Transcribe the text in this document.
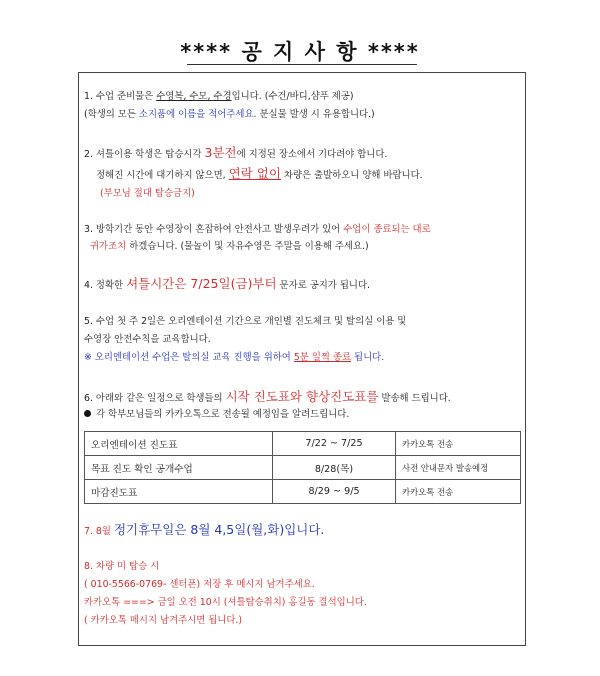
**** 공 지 사 항 ****
1. 수업 준비물은 수영복, 수모, 수경입니다. (수건/바디,샴푸 제공)
(학생의 모든 소지품에 이름을 적어주세요. 분실물 발생 시 유용합니다.)
2. 셔틀이용 학생은 탑승시각 3분전에 지정된 장소에서 기다려야 합니다.
정해진 시간에 대기하지 않으면, 연락 없이 차량은 출발하오니 양해 바랍니다.
(부모님 절대 탑승금지)
3. 방학기간 동안 수영장이 혼잡하여 안전사고 발생우려가 있어 수업이 종료되는 대로
귀가조치 하겠습니다. (물놀이 및 자유수영은 주말을 이용해 주세요.)
4. 정확한 셔틀시간은 7/25일(금)부터 문자로 공지가 됩니다.
5. 수업 첫 주 2일은 오리엔테이션 기간으로 개인별 진도체크 및 탈의실 이용 및
수영장 안전수칙을 교육합니다.
※ 오리엔테이션 수업은 탈의실 교육 진행을 위하여 5분 일찍 종료 됩니다.
6. 아래와 같은 일정으로 학생들의 시작 진도표와 향상진도표를 발송해 드립니다.
각 학부모님들의 카카오톡으로 전송될 예정임을 알려드립니다.
오리엔테이션 진도표	7/22 ~ 7/25	카카오톡 전송
목표 진도 확인 공개수업	8/28(목)	사전 안내문자 발송예정
마감진도표	8/29 ~ 9/5	카카오톡 전송
7. 8월 정기휴무일은 8월 4,5일(월,화)입니다.
8. 차량 미 탑승 시
( 010-5566-0769- 센터폰) 저장 후 메시지 남겨주세요.
카카오톡 ===> 금일 오전 10시 (셔틀탑승취치) 홍길동 결석입니다.
( 카카오톡 메시지 남겨주시면 됩니다.)
